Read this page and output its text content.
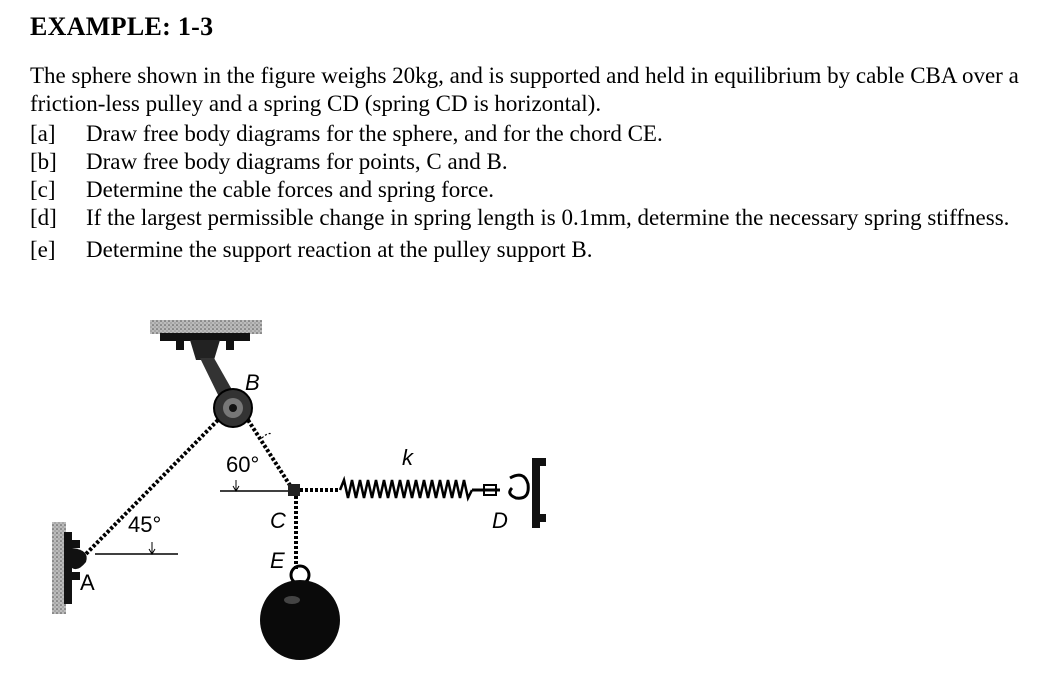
EXAMPLE: 1-3
The sphere shown in the figure weighs 20kg, and is supported and held in equilibrium by cable CBA over a friction-less pulley and a spring CD (spring CD is horizontal).
[a]	Draw free body diagrams for the sphere, and for the chord CE.
[b]	Draw free body diagrams for points, C and B.
[c]	Determine the cable forces and spring force.
[d]	If the largest permissible change in spring length is 0.1mm, determine the necessary spring stiffness.
[e]	Determine the support reaction at the pulley support B.
B
A
45°
60°
C
k
D
E
